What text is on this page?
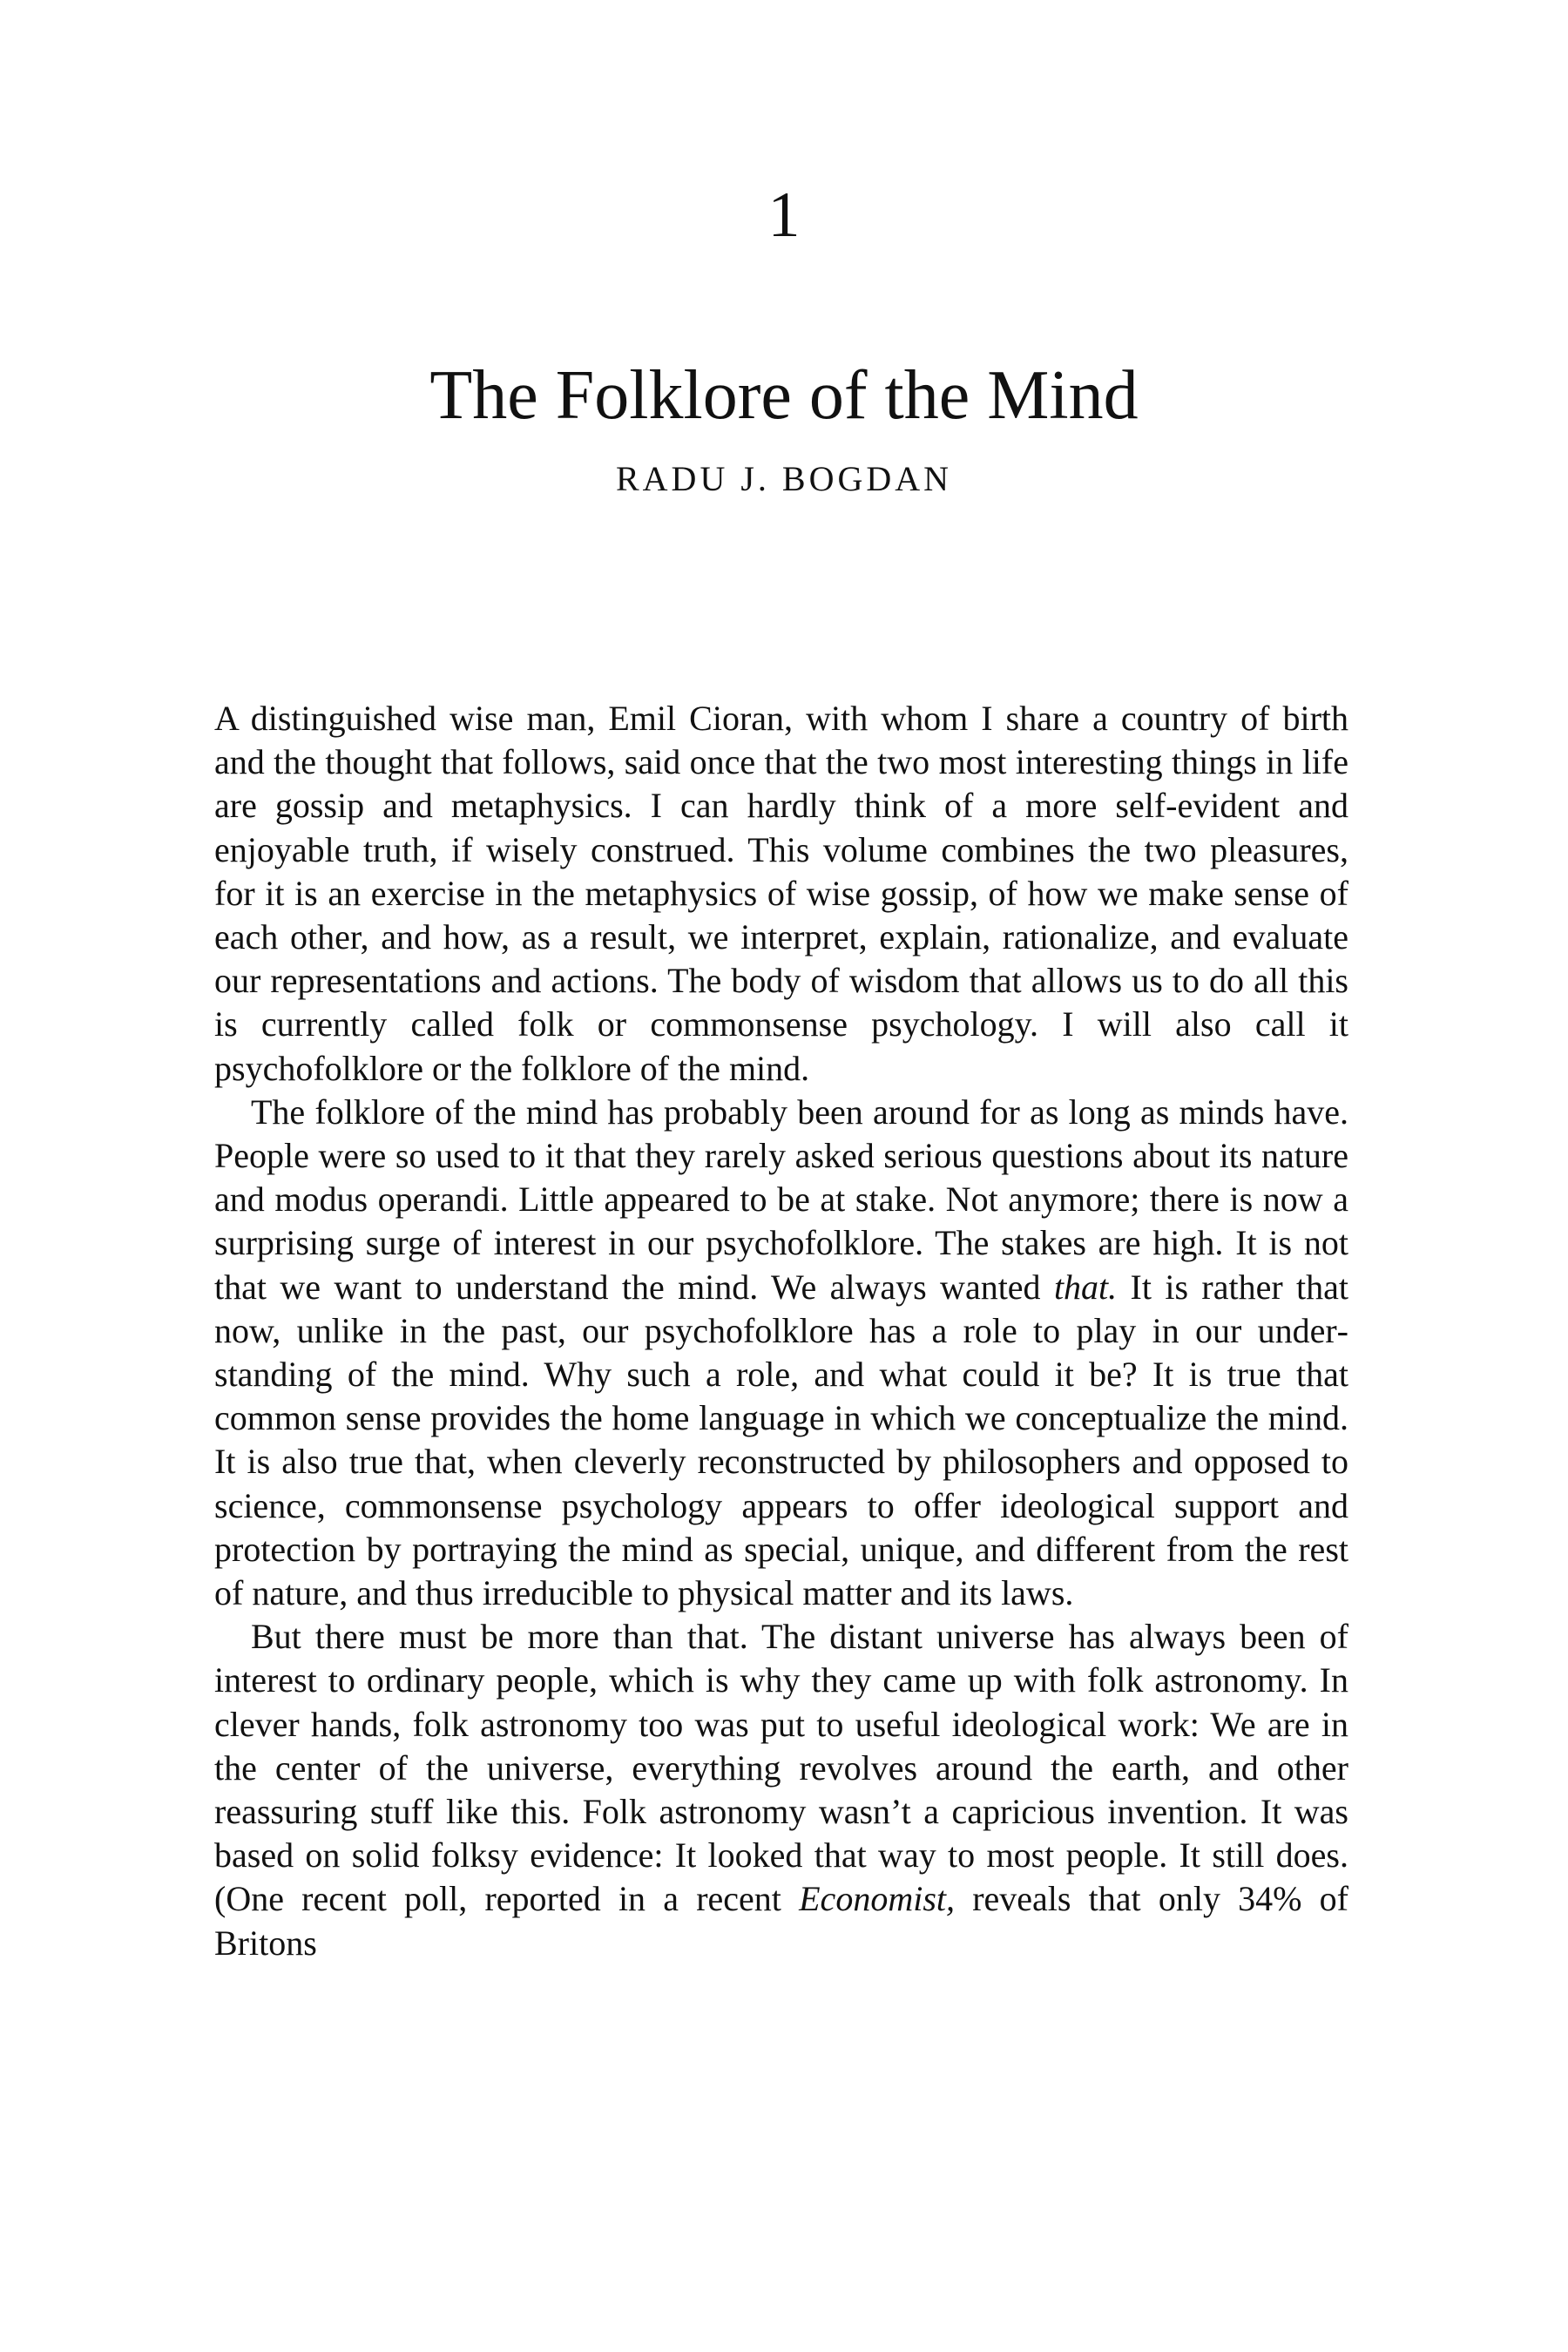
1
The Folklore of the Mind
RADU J. BOGDAN

A distinguished wise man, Emil Cioran, with whom I share a country of birth and the thought that follows, said once that the two most interesting things in life are gossip and metaphysics. I can hardly think of a more self-evident and enjoyable truth, if wisely construed. This volume combines the two pleasures, for it is an exercise in the metaphysics of wise gossip, of how we make sense of each other, and how, as a result, we interpret, explain, rationalize, and evaluate our representations and actions. The body of wisdom that allows us to do all this is currently called folk or commonsense psychology. I will also call it psychofolklore or the folklore of the mind.

The folklore of the mind has probably been around for as long as minds have. People were so used to it that they rarely asked serious questions about its nature and modus operandi. Little appeared to be at stake. Not anymore; there is now a surprising surge of interest in our psychofolklore. The stakes are high. It is not that we want to understand the mind. We always wanted that. It is rather that now, unlike in the past, our psychofolklore has a role to play in our understanding of the mind. Why such a role, and what could it be? It is true that common sense provides the home language in which we conceptualize the mind. It is also true that, when cleverly reconstructed by philosophers and opposed to science, commonsense psychology appears to offer ideological support and protection by portraying the mind as special, unique, and different from the rest of nature, and thus irreducible to physical matter and its laws.

But there must be more than that. The distant universe has always been of interest to ordinary people, which is why they came up with folk astronomy. In clever hands, folk astronomy too was put to useful ideological work: We are in the center of the universe, everything revolves around the earth, and other reassuring stuff like this. Folk astronomy wasn’t a capricious invention. It was based on solid folksy evidence: It looked that way to most people. It still does. (One recent poll, reported in a recent Economist, reveals that only 34% of Britons
